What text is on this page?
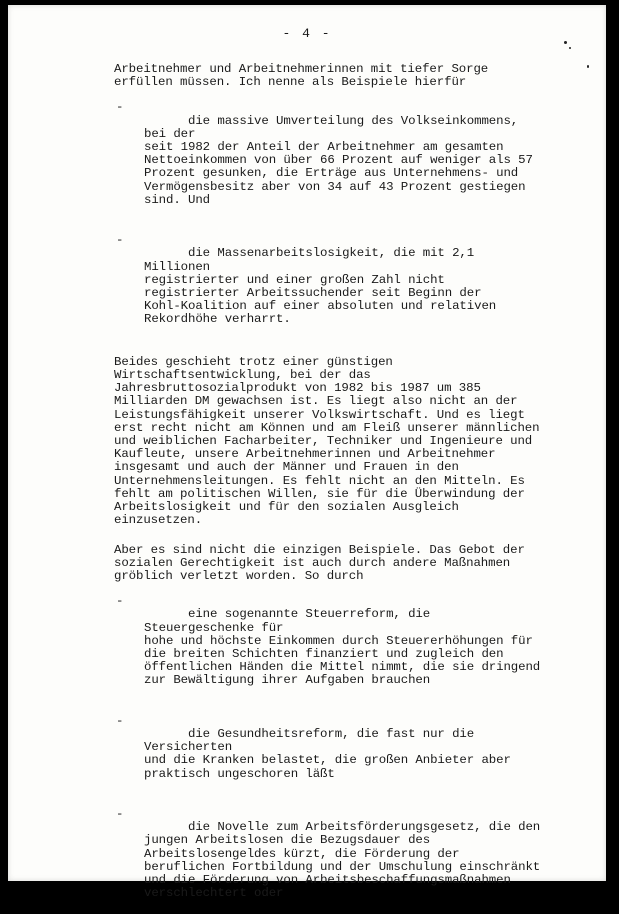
- 4 -

Arbeitnehmer und Arbeitnehmerinnen mit tiefer Sorge
erfüllen müssen. Ich nenne als Beispiele hierfür

-
die massive Umverteilung des Volkseinkommens, bei der
seit 1982 der Anteil der Arbeitnehmer am gesamten
Nettoeinkommen von über 66 Prozent auf weniger als 57
Prozent gesunken, die Erträge aus Unternehmens- und
Vermögensbesitz aber von 34 auf 43 Prozent gestiegen
sind. Und

-
die Massenarbeitslosigkeit, die mit 2,1 Millionen
registrierter und einer großen Zahl nicht
registrierter Arbeitssuchender seit Beginn der
Kohl-Koalition auf einer absoluten und relativen
Rekordhöhe verharrt.

Beides geschieht trotz einer günstigen
Wirtschaftsentwicklung, bei der das
Jahresbruttosozialprodukt von 1982 bis 1987 um 385
Milliarden DM gewachsen ist. Es liegt also nicht an der
Leistungsfähigkeit unserer Volkswirtschaft. Und es liegt
erst recht nicht am Können und am Fleiß unserer männlichen
und weiblichen Facharbeiter, Techniker und Ingenieure und
Kaufleute, unsere Arbeitnehmerinnen und Arbeitnehmer
insgesamt und auch der Männer und Frauen in den
Unternehmensleitungen. Es fehlt nicht an den Mitteln. Es
fehlt am politischen Willen, sie für die Überwindung der
Arbeitslosigkeit und für den sozialen Ausgleich
einzusetzen.

Aber es sind nicht die einzigen Beispiele. Das Gebot der
sozialen Gerechtigkeit ist auch durch andere Maßnahmen
gröblich verletzt worden. So durch

-
eine sogenannte Steuerreform, die Steuergeschenke für
hohe und höchste Einkommen durch Steuererhöhungen für
die breiten Schichten finanziert und zugleich den
öffentlichen Händen die Mittel nimmt, die sie dringend
zur Bewältigung ihrer Aufgaben brauchen

-
die Gesundheitsreform, die fast nur die Versicherten
und die Kranken belastet, die großen Anbieter aber
praktisch ungeschoren läßt

-
die Novelle zum Arbeitsförderungsgesetz, die den
jungen Arbeitslosen die Bezugsdauer des
Arbeitslosengeldes kürzt, die Förderung der
beruflichen Fortbildung und der Umschulung einschränkt
und die Förderung von Arbeitsbeschaffungsmaßnahmen
verschlechtert oder
